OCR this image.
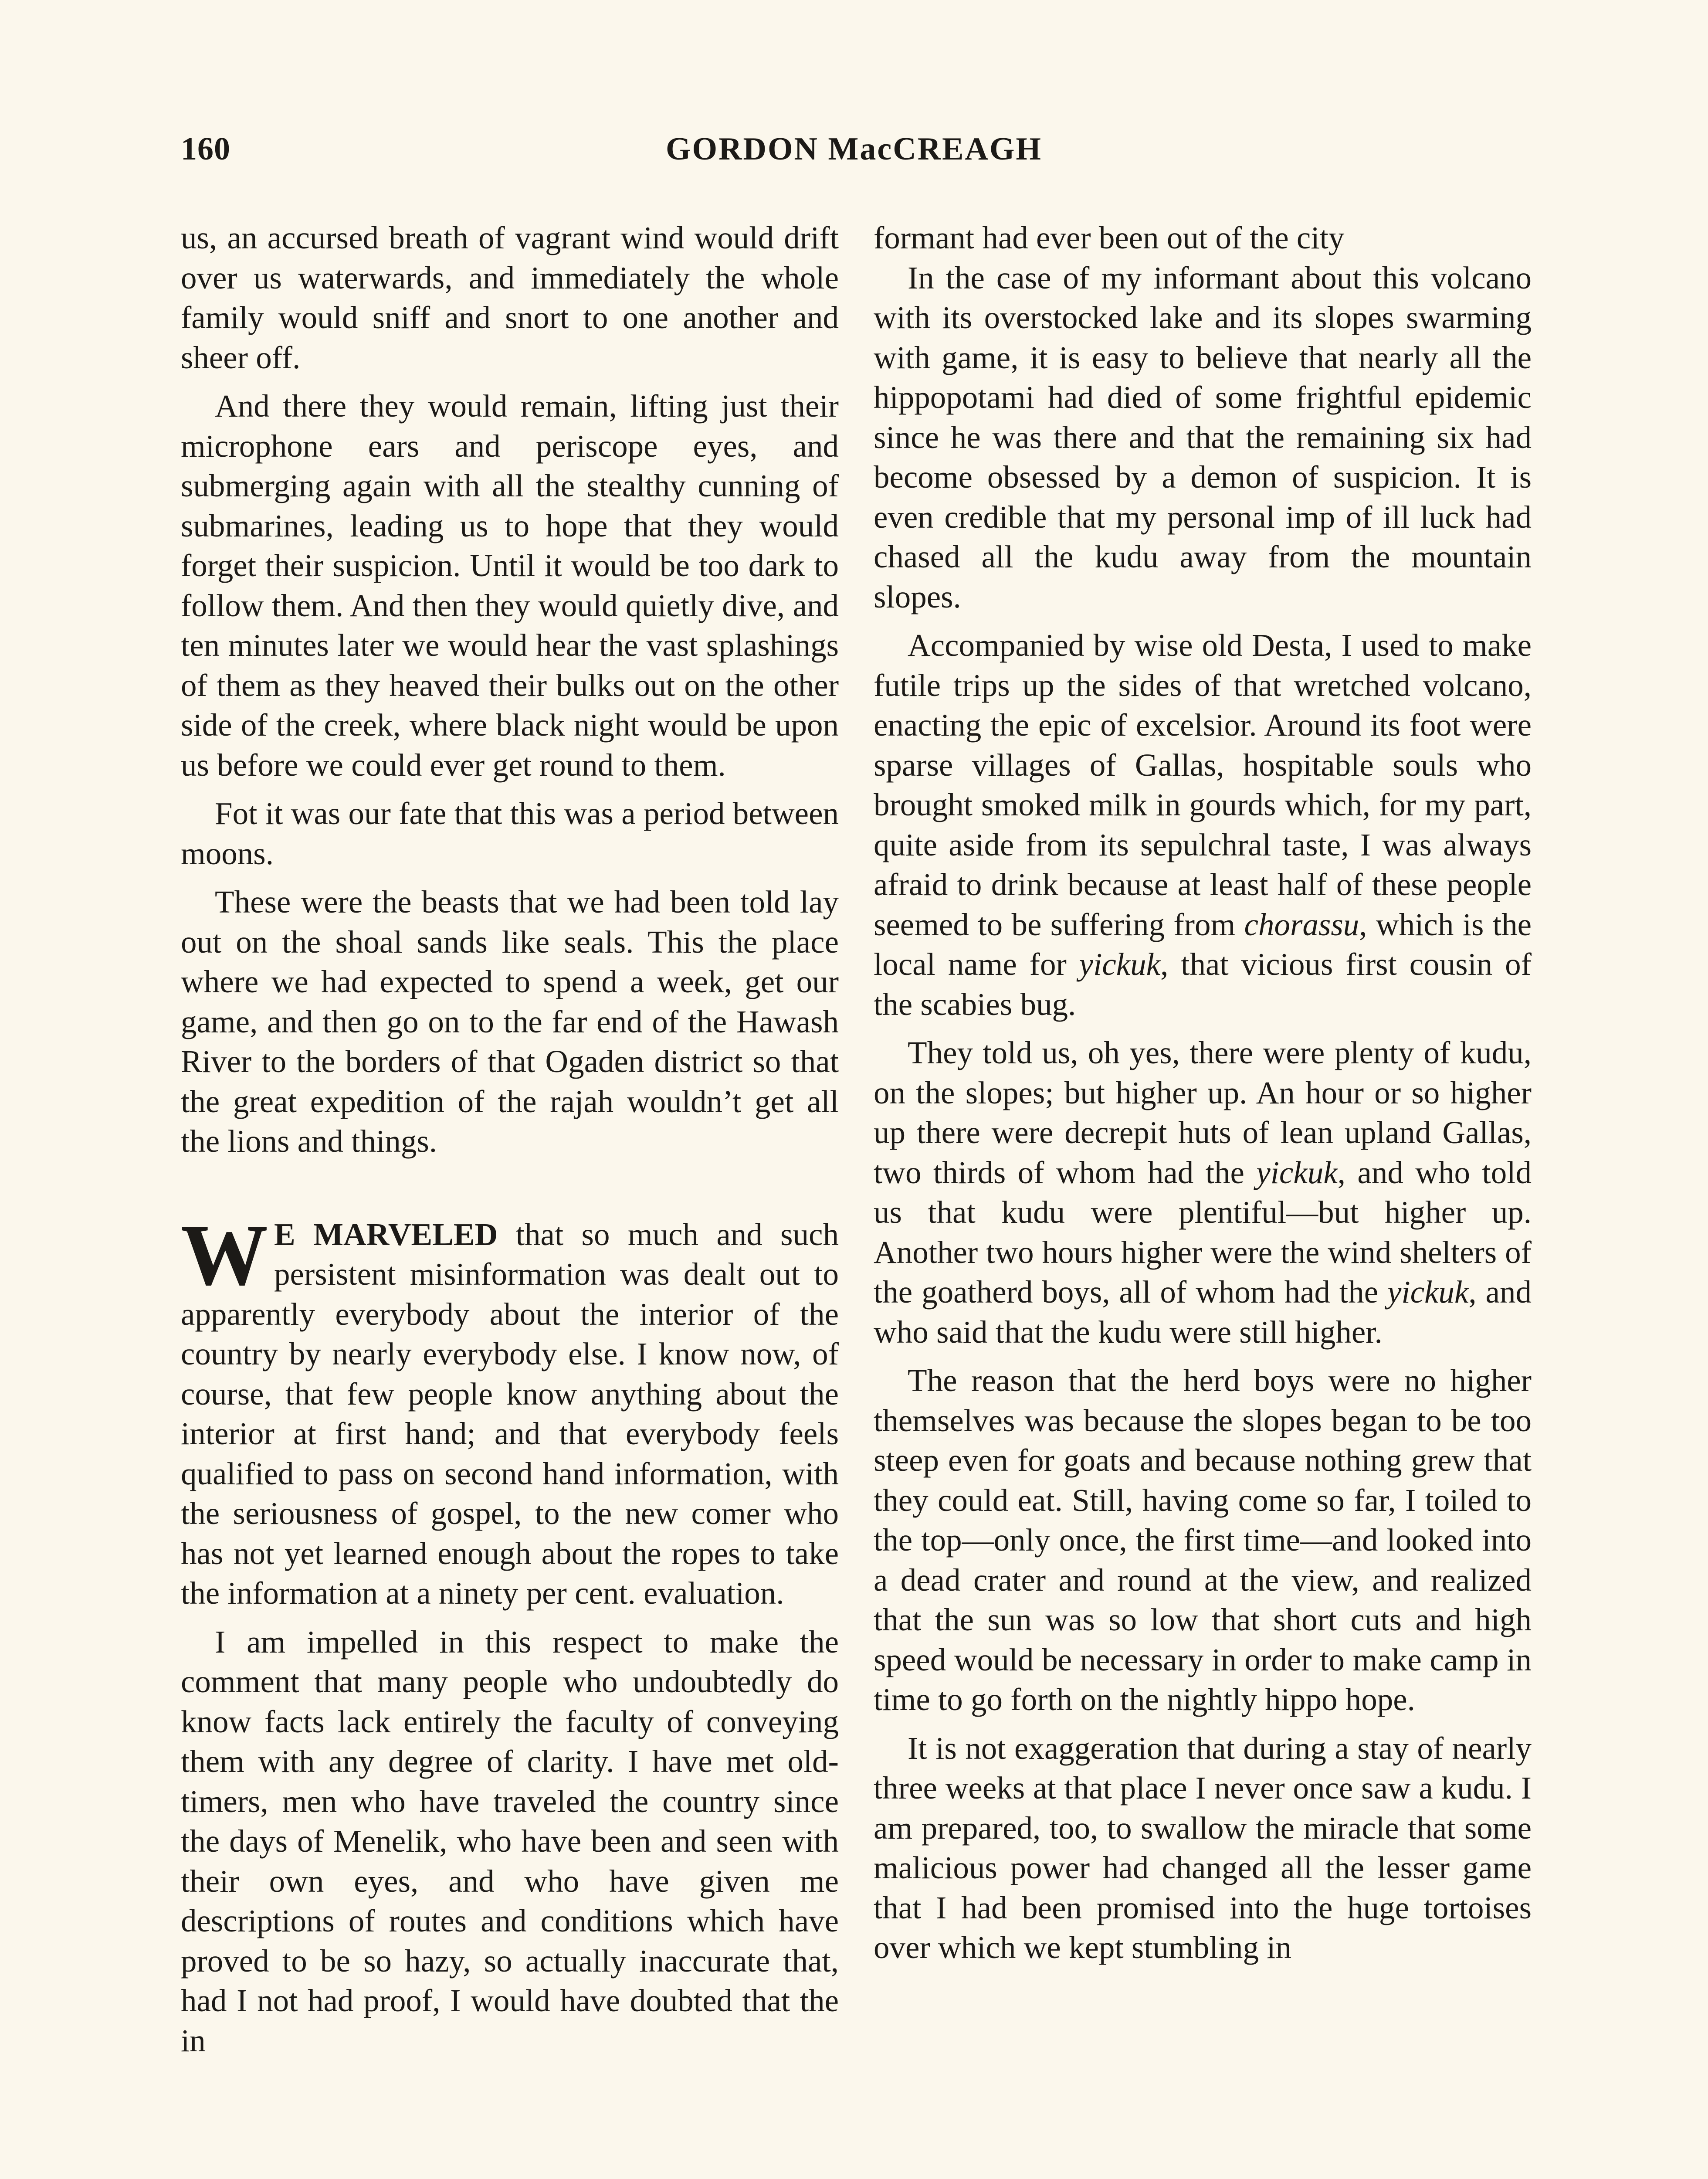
160	GORDON MacCREAGH

us, an accursed breath of vagrant wind would drift over us waterwards, and immediately the whole family would sniff and snort to one another and sheer off.

And there they would remain, lifting just their microphone ears and periscope eyes, and submerging again with all the stealthy cunning of submarines, leading us to hope that they would forget their suspicion. Until it would be too dark to follow them. And then they would quietly dive, and ten minutes later we would hear the vast splashings of them as they heaved their bulks out on the other side of the creek, where black night would be upon us before we could ever get round to them.

Fot it was our fate that this was a period between moons.

These were the beasts that we had been told lay out on the shoal sands like seals. This the place where we had expected to spend a week, get our game, and then go on to the far end of the Hawash River to the borders of that Ogaden district so that the great expedition of the rajah wouldn’t get all the lions and things.

W E MARVELED that so much and such persistent misinformation was dealt out to apparently everybody about the interior of the country by nearly everybody else. I know now, of course, that few people know anything about the interior at first hand; and that everybody feels qualified to pass on second hand information, with the seriousness of gospel, to the new comer who has not yet learned enough about the ropes to take the information at a ninety per cent. evaluation.

I am impelled in this respect to make the comment that many people who undoubtedly do know facts lack entirely the faculty of conveying them with any degree of clarity. I have met old-timers, men who have traveled the country since the days of Menelik, who have been and seen with their own eyes, and who have given me descriptions of routes and conditions which have proved to be so hazy, so actually inaccurate that, had I not had proof, I would have doubted that the in

formant had ever been out of the city

In the case of my informant about this volcano with its overstocked lake and its slopes swarming with game, it is easy to believe that nearly all the hippopotami had died of some frightful epidemic since he was there and that the remaining six had become obsessed by a demon of suspicion. It is even credible that my personal imp of ill luck had chased all the kudu away from the mountain slopes.

Accompanied by wise old Desta, I used to make futile trips up the sides of that wretched volcano, enacting the epic of excelsior. Around its foot were sparse villages of Gallas, hospitable souls who brought smoked milk in gourds which, for my part, quite aside from its sepulchral taste, I was always afraid to drink because at least half of these people seemed to be suffering from chorassu, which is the local name for yickuk, that vicious first cousin of the scabies bug.

They told us, oh yes, there were plenty of kudu, on the slopes; but higher up. An hour or so higher up there were decrepit huts of lean upland Gallas, two thirds of whom had the yickuk, and who told us that kudu were plentiful—but higher up. Another two hours higher were the wind shelters of the goatherd boys, all of whom had the yickuk, and who said that the kudu were still higher.

The reason that the herd boys were no higher themselves was because the slopes began to be too steep even for goats and because nothing grew that they could eat. Still, having come so far, I toiled to the top—only once, the first time—and looked into a dead crater and round at the view, and realized that the sun was so low that short cuts and high speed would be necessary in order to make camp in time to go forth on the nightly hippo hope.

It is not exaggeration that during a stay of nearly three weeks at that place I never once saw a kudu. I am prepared, too, to swallow the miracle that some malicious power had changed all the lesser game that I had been promised into the huge tortoises over which we kept stumbling in
